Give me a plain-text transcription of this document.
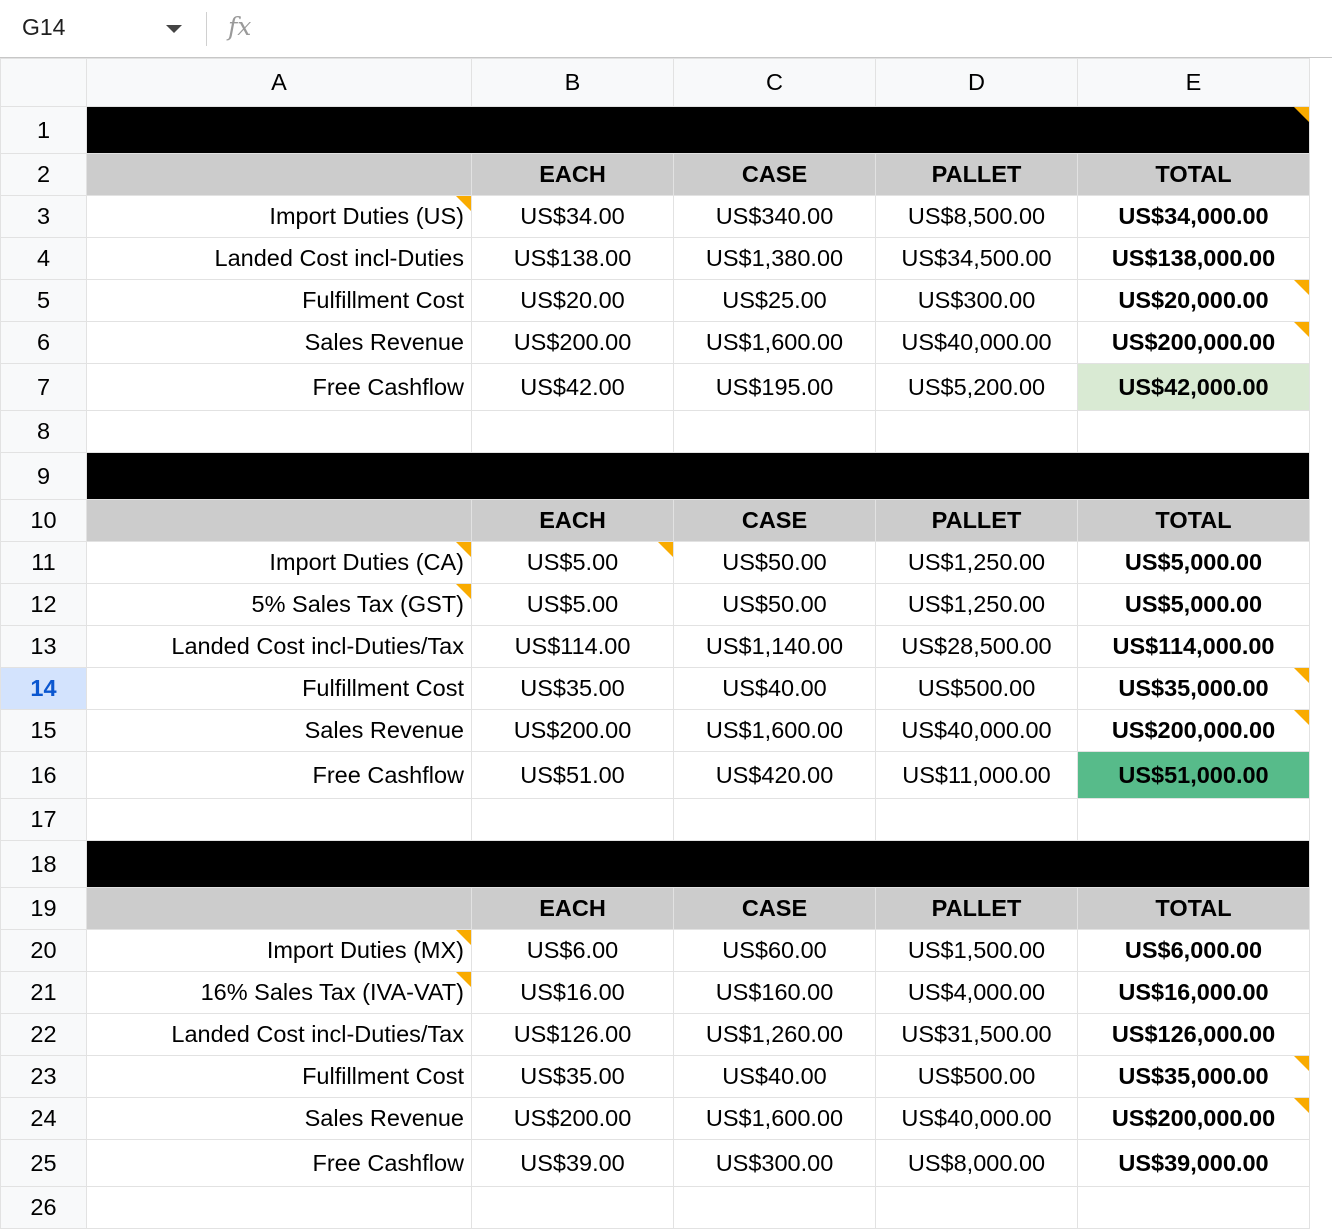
G14	fx
	A	B	C	D	E
1	SCENARIO A : WAREHOUSE IN US (30 DAY SNAPSHOT, USD)				

2		EACH	CASE	PALLET	TOTAL
3	Import Duties (US)	US$34.00	US$340.00	US$8,500.00	US$34,000.00
4	Landed Cost incl-Duties	US$138.00	US$1,380.00	US$34,500.00	US$138,000.00
5	Fulfillment Cost	US$20.00	US$25.00	US$300.00	US$20,000.00

6	Sales Revenue	US$200.00	US$1,600.00	US$40,000.00	US$200,000.00

7	Free Cashflow	US$42.00	US$195.00	US$5,200.00	US$42,000.00
8					
9	SCENARIO B : WAREHOUSE IN CANADA (30 DAY SNAPSHOT, USD)				
10		EACH	CASE	PALLET	TOTAL
11	Import Duties (CA)	US$5.00	US$50.00	US$1,250.00	US$5,000.00
12	5% Sales Tax (GST)	US$5.00	US$50.00	US$1,250.00	US$5,000.00
13	Landed Cost incl-Duties/Tax	US$114.00	US$1,140.00	US$28,500.00	US$114,000.00
14	Fulfillment Cost	US$35.00	US$40.00	US$500.00	US$35,000.00

15	Sales Revenue	US$200.00	US$1,600.00	US$40,000.00	US$200,000.00

16	Free Cashflow	US$51.00	US$420.00	US$11,000.00	US$51,000.00
17					
18	SCENARIO C : WAREHOUSE IN MEXICO (30 DAY SNAPSHOT, USD)				
19		EACH	CASE	PALLET	TOTAL
20	Import Duties (MX)	US$6.00	US$60.00	US$1,500.00	US$6,000.00
21	16% Sales Tax (IVA-VAT)	US$16.00	US$160.00	US$4,000.00	US$16,000.00
22	Landed Cost incl-Duties/Tax	US$126.00	US$1,260.00	US$31,500.00	US$126,000.00
23	Fulfillment Cost	US$35.00	US$40.00	US$500.00	US$35,000.00

24	Sales Revenue	US$200.00	US$1,600.00	US$40,000.00	US$200,000.00

25	Free Cashflow	US$39.00	US$300.00	US$8,000.00	US$39,000.00
26					
